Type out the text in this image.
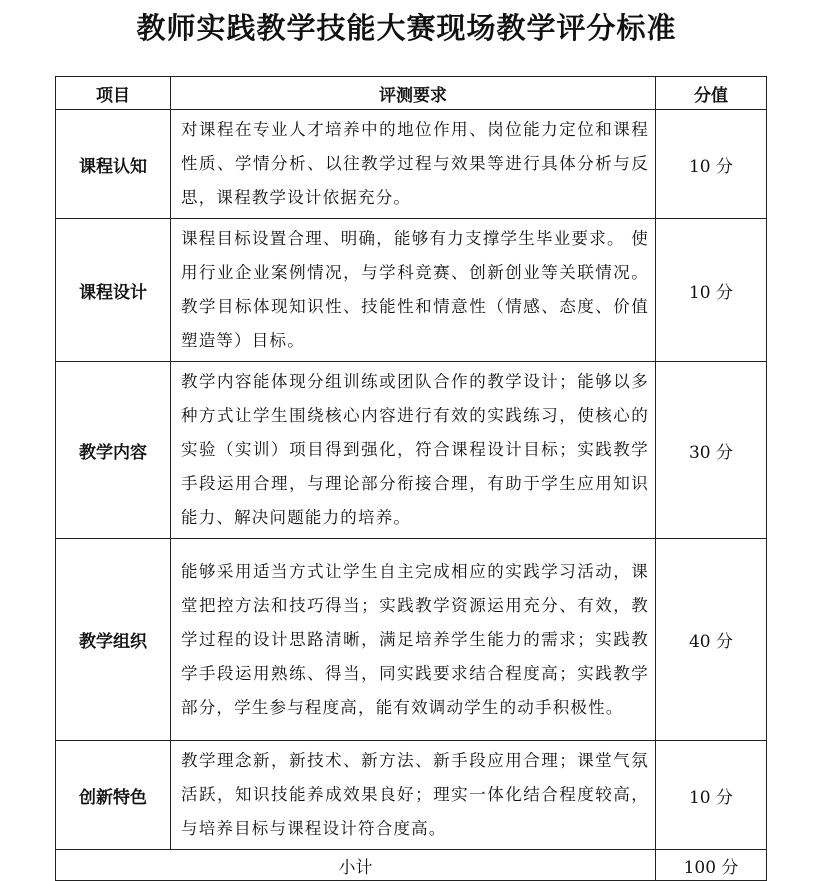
教师实践教学技能大赛现场教学评分标准
项目	评测要求	分值
课程认知	对课程在专业人才培养中的地位作用、岗位能力定位和课程性质、学情分析、以往教学过程与效果等进行具体分析与反思，课程教学设计依据充分。	10 分
课程设计	课程目标设置合理、明确，能够有力支撑学生毕业要求。 使用行业企业案例情况，与学科竞赛、创新创业等关联情况。教学目标体现知识性、技能性和情意性（情感、态度、价值塑造等）目标。	10 分
教学内容	教学内容能体现分组训练或团队合作的教学设计；能够以多种方式让学生围绕核心内容进行有效的实践练习，使核心的实验（实训）项目得到强化，符合课程设计目标；实践教学手段运用合理，与理论部分衔接合理，有助于学生应用知识能力、解决问题能力的培养。	30 分
教学组织	能够采用适当方式让学生自主完成相应的实践学习活动，课堂把控方法和技巧得当；实践教学资源运用充分、有效，教学过程的设计思路清晰，满足培养学生能力的需求；实践教学手段运用熟练、得当，同实践要求结合程度高；实践教学部分，学生参与程度高，能有效调动学生的动手积极性。	40 分
创新特色	教学理念新，新技术、新方法、新手段应用合理；课堂气氛活跃，知识技能养成效果良好；理实一体化结合程度较高，与培养目标与课程设计符合度高。	10 分
小计		100 分
